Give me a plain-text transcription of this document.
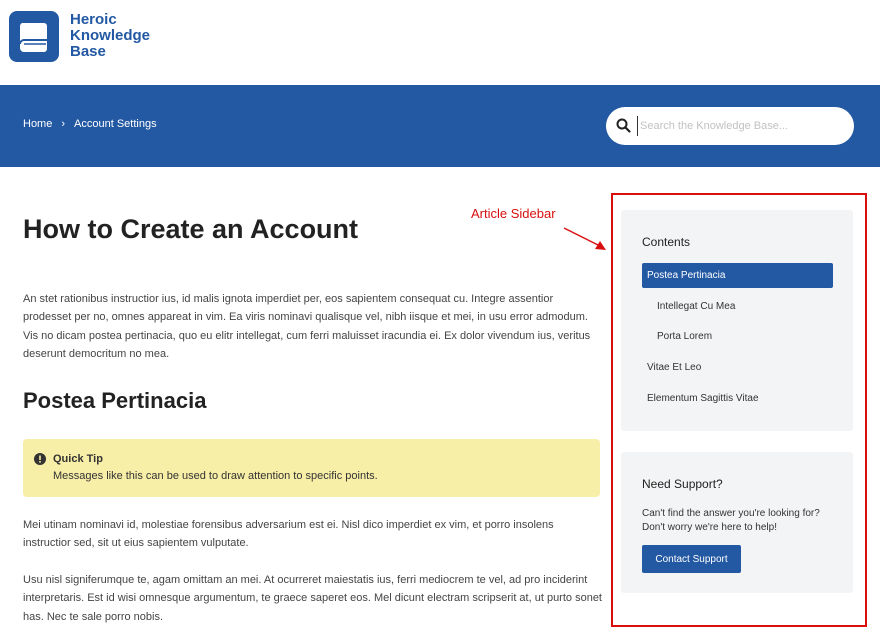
Heroic
Knowledge
Base
Home › Account Settings
Search the Knowledge Base...
How to Create an Account

An stet rationibus instructior ius, id malis ignota imperdiet per, eos sapientem consequat cu. Integre assentior prodesset per no, omnes appareat in vim. Ea viris nominavi qualisque vel, nibh iisque et mei, in usu error admodum. Vis no dicam postea pertinacia, quo eu elitr intellegat, cum ferri maluisset iracundia ei. Ex dolor vivendum ius, veritus deserunt democritum no mea.

Postea Pertinacia
Quick Tip
Messages like this can be used to draw attention to specific points.

Mei utinam nominavi id, molestiae forensibus adversarium est ei. Nisl dico imperdiet ex vim, et porro insolens instructior sed, sit ut eius sapientem vulputate.

Usu nisl signiferumque te, agam omittam an mei. At ocurreret maiestatis ius, ferri mediocrem te vel, ad pro inciderint interpretaris. Est id wisi omnesque argumentum, te graece saperet eos. Mel dicunt electram scripserit at, ut purto sonet has. Nec te sale porro nobis.

Article Sidebar
Contents
Postea Pertinacia
Intellegat Cu Mea
Porta Lorem
Vitae Et Leo
Elementum Sagittis Vitae
Need Support?
Can't find the answer you're looking for?
Don't worry we're here to help!
Contact Support
